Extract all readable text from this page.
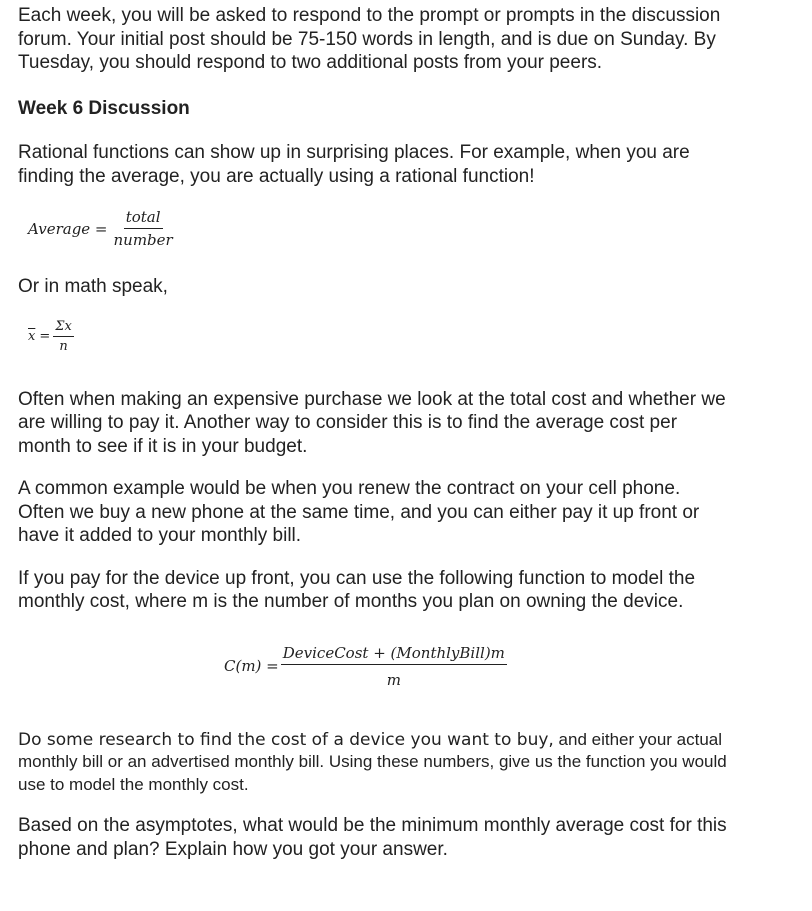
Each week, you will be asked to respond to the prompt or prompts in the discussion forum. Your initial post should be 75-150 words in length, and is due on Sunday. By Tuesday, you should respond to two additional posts from your peers.

Week 6 Discussion

Rational functions can show up in surprising places. For example, when you are finding the average, you are actually using a rational function!

Average = $\frac{\text{total}}{\text{number}}$

Or in math speak,

$\overline{x} = \frac{\Sigma x}{n}$

Often when making an expensive purchase we look at the total cost and whether we are willing to pay it. Another way to consider this is to find the average cost per month to see if it is in your budget.

A common example would be when you renew the contract on your cell phone. Often we buy a new phone at the same time, and you can either pay it up front or have it added to your monthly bill.

If you pay for the device up front, you can use the following function to model the monthly cost, where m is the number of months you plan on owning the device.

$C(m) = \frac{\text{DeviceCost + (MonthlyBill)m}}{m}$

Do some research to find the cost of a device you want to buy, and either your actual monthly bill or an advertised monthly bill. Using these numbers, give us the function you would use to model the monthly cost.

Based on the asymptotes, what would be the minimum monthly average cost for this phone and plan? Explain how you got your answer.
